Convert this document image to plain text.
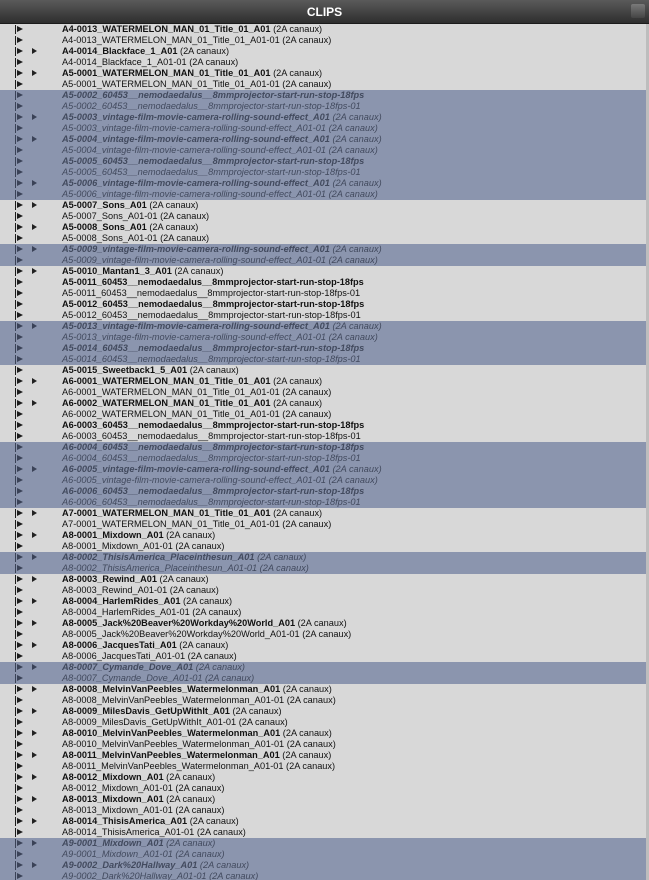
CLIPS
A4-0013_WATERMELON_MAN_01_Title_01_A01 (2A canaux)
A4-0013_WATERMELON_MAN_01_Title_01_A01-01 (2A canaux)
A4-0014_Blackface_1_A01 (2A canaux)
A4-0014_Blackface_1_A01-01 (2A canaux)
A5-0001_WATERMELON_MAN_01_Title_01_A01 (2A canaux)
A5-0001_WATERMELON_MAN_01_Title_01_A01-01 (2A canaux)
A5-0002_60453__nemodaedalus__8mmprojector-start-run-stop-18fps
A5-0002_60453__nemodaedalus__8mmprojector-start-run-stop-18fps-01
A5-0003_vintage-film-movie-camera-rolling-sound-effect_A01 (2A canaux)
A5-0003_vintage-film-movie-camera-rolling-sound-effect_A01-01 (2A canaux)
A5-0004_vintage-film-movie-camera-rolling-sound-effect_A01 (2A canaux)
A5-0004_vintage-film-movie-camera-rolling-sound-effect_A01-01 (2A canaux)
A5-0005_60453__nemodaedalus__8mmprojector-start-run-stop-18fps
A5-0005_60453__nemodaedalus__8mmprojector-start-run-stop-18fps-01
A5-0006_vintage-film-movie-camera-rolling-sound-effect_A01 (2A canaux)
A5-0006_vintage-film-movie-camera-rolling-sound-effect_A01-01 (2A canaux)
A5-0007_Sons_A01 (2A canaux)
A5-0007_Sons_A01-01 (2A canaux)
A5-0008_Sons_A01 (2A canaux)
A5-0008_Sons_A01-01 (2A canaux)
A5-0009_vintage-film-movie-camera-rolling-sound-effect_A01 (2A canaux)
A5-0009_vintage-film-movie-camera-rolling-sound-effect_A01-01 (2A canaux)
A5-0010_Mantan1_3_A01 (2A canaux)
A5-0011_60453__nemodaedalus__8mmprojector-start-run-stop-18fps
A5-0011_60453__nemodaedalus__8mmprojector-start-run-stop-18fps-01
A5-0012_60453__nemodaedalus__8mmprojector-start-run-stop-18fps
A5-0012_60453__nemodaedalus__8mmprojector-start-run-stop-18fps-01
A5-0013_vintage-film-movie-camera-rolling-sound-effect_A01 (2A canaux)
A5-0013_vintage-film-movie-camera-rolling-sound-effect_A01-01 (2A canaux)
A5-0014_60453__nemodaedalus__8mmprojector-start-run-stop-18fps
A5-0014_60453__nemodaedalus__8mmprojector-start-run-stop-18fps-01
A5-0015_Sweetback1_5_A01 (2A canaux)
A6-0001_WATERMELON_MAN_01_Title_01_A01 (2A canaux)
A6-0001_WATERMELON_MAN_01_Title_01_A01-01 (2A canaux)
A6-0002_WATERMELON_MAN_01_Title_01_A01 (2A canaux)
A6-0002_WATERMELON_MAN_01_Title_01_A01-01 (2A canaux)
A6-0003_60453__nemodaedalus__8mmprojector-start-run-stop-18fps
A6-0003_60453__nemodaedalus__8mmprojector-start-run-stop-18fps-01
A6-0004_60453__nemodaedalus__8mmprojector-start-run-stop-18fps
A6-0004_60453__nemodaedalus__8mmprojector-start-run-stop-18fps-01
A6-0005_vintage-film-movie-camera-rolling-sound-effect_A01 (2A canaux)
A6-0005_vintage-film-movie-camera-rolling-sound-effect_A01-01 (2A canaux)
A6-0006_60453__nemodaedalus__8mmprojector-start-run-stop-18fps
A6-0006_60453__nemodaedalus__8mmprojector-start-run-stop-18fps-01
A7-0001_WATERMELON_MAN_01_Title_01_A01 (2A canaux)
A7-0001_WATERMELON_MAN_01_Title_01_A01-01 (2A canaux)
A8-0001_Mixdown_A01 (2A canaux)
A8-0001_Mixdown_A01-01 (2A canaux)
A8-0002_ThisisAmerica_Placeinthesun_A01 (2A canaux)
A8-0002_ThisisAmerica_Placeinthesun_A01-01 (2A canaux)
A8-0003_Rewind_A01 (2A canaux)
A8-0003_Rewind_A01-01 (2A canaux)
A8-0004_HarlemRides_A01 (2A canaux)
A8-0004_HarlemRides_A01-01 (2A canaux)
A8-0005_Jack%20Beaver%20Workday%20World_A01 (2A canaux)
A8-0005_Jack%20Beaver%20Workday%20World_A01-01 (2A canaux)
A8-0006_JacquesTati_A01 (2A canaux)
A8-0006_JacquesTati_A01-01 (2A canaux)
A8-0007_Cymande_Dove_A01 (2A canaux)
A8-0007_Cymande_Dove_A01-01 (2A canaux)
A8-0008_MelvinVanPeebles_Watermelonman_A01 (2A canaux)
A8-0008_MelvinVanPeebles_Watermelonman_A01-01 (2A canaux)
A8-0009_MilesDavis_GetUpWithIt_A01 (2A canaux)
A8-0009_MilesDavis_GetUpWithIt_A01-01 (2A canaux)
A8-0010_MelvinVanPeebles_Watermelonman_A01 (2A canaux)
A8-0010_MelvinVanPeebles_Watermelonman_A01-01 (2A canaux)
A8-0011_MelvinVanPeebles_Watermelonman_A01 (2A canaux)
A8-0011_MelvinVanPeebles_Watermelonman_A01-01 (2A canaux)
A8-0012_Mixdown_A01 (2A canaux)
A8-0012_Mixdown_A01-01 (2A canaux)
A8-0013_Mixdown_A01 (2A canaux)
A8-0013_Mixdown_A01-01 (2A canaux)
A8-0014_ThisisAmerica_A01 (2A canaux)
A8-0014_ThisisAmerica_A01-01 (2A canaux)
A9-0001_Mixdown_A01 (2A canaux)
A9-0001_Mixdown_A01-01 (2A canaux)
A9-0002_Dark%20Hallway_A01 (2A canaux)
A9-0002_Dark%20Hallway_A01-01 (2A canaux)
